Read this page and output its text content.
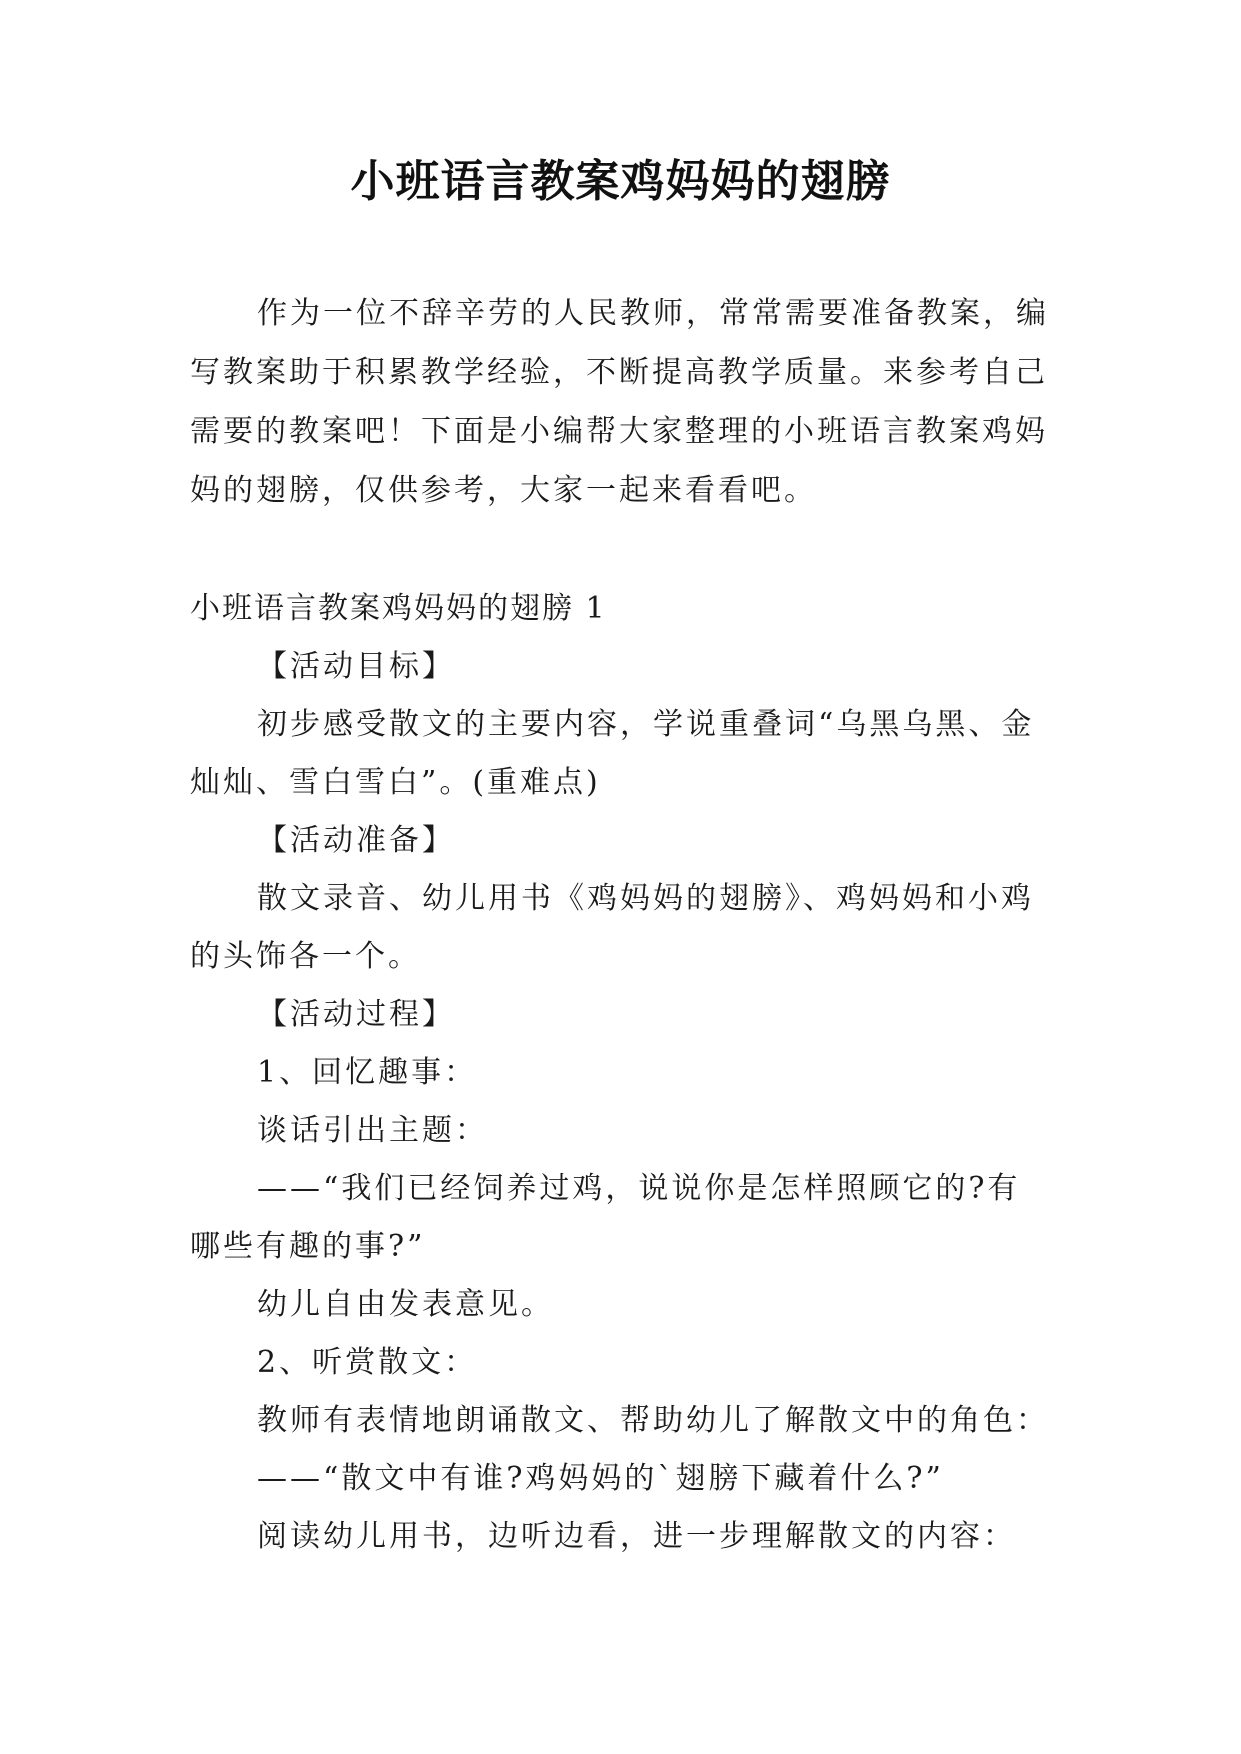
小班语言教案鸡妈妈的翅膀

作为一位不辞辛劳的人民教师，常常需要准备教案，编写教案助于积累教学经验，不断提高教学质量。来参考自己需要的教案吧！下面是小编帮大家整理的小班语言教案鸡妈妈的翅膀，仅供参考，大家一起来看看吧。

小班语言教案鸡妈妈的翅膀 1

【活动目标】

初步感受散文的主要内容，学说重叠词“乌黑乌黑、金灿灿、雪白雪白”。(重难点)

【活动准备】

散文录音、幼儿用书《鸡妈妈的翅膀》、鸡妈妈和小鸡的头饰各一个。

【活动过程】

1、回忆趣事：

谈话引出主题：

——“我们已经饲养过鸡，说说你是怎样照顾它的?有哪些有趣的事?”

幼儿自由发表意见。

2、听赏散文：

教师有表情地朗诵散文、帮助幼儿了解散文中的角色：

——“散文中有谁?鸡妈妈的`翅膀下藏着什么?”

阅读幼儿用书，边听边看，进一步理解散文的内容：
